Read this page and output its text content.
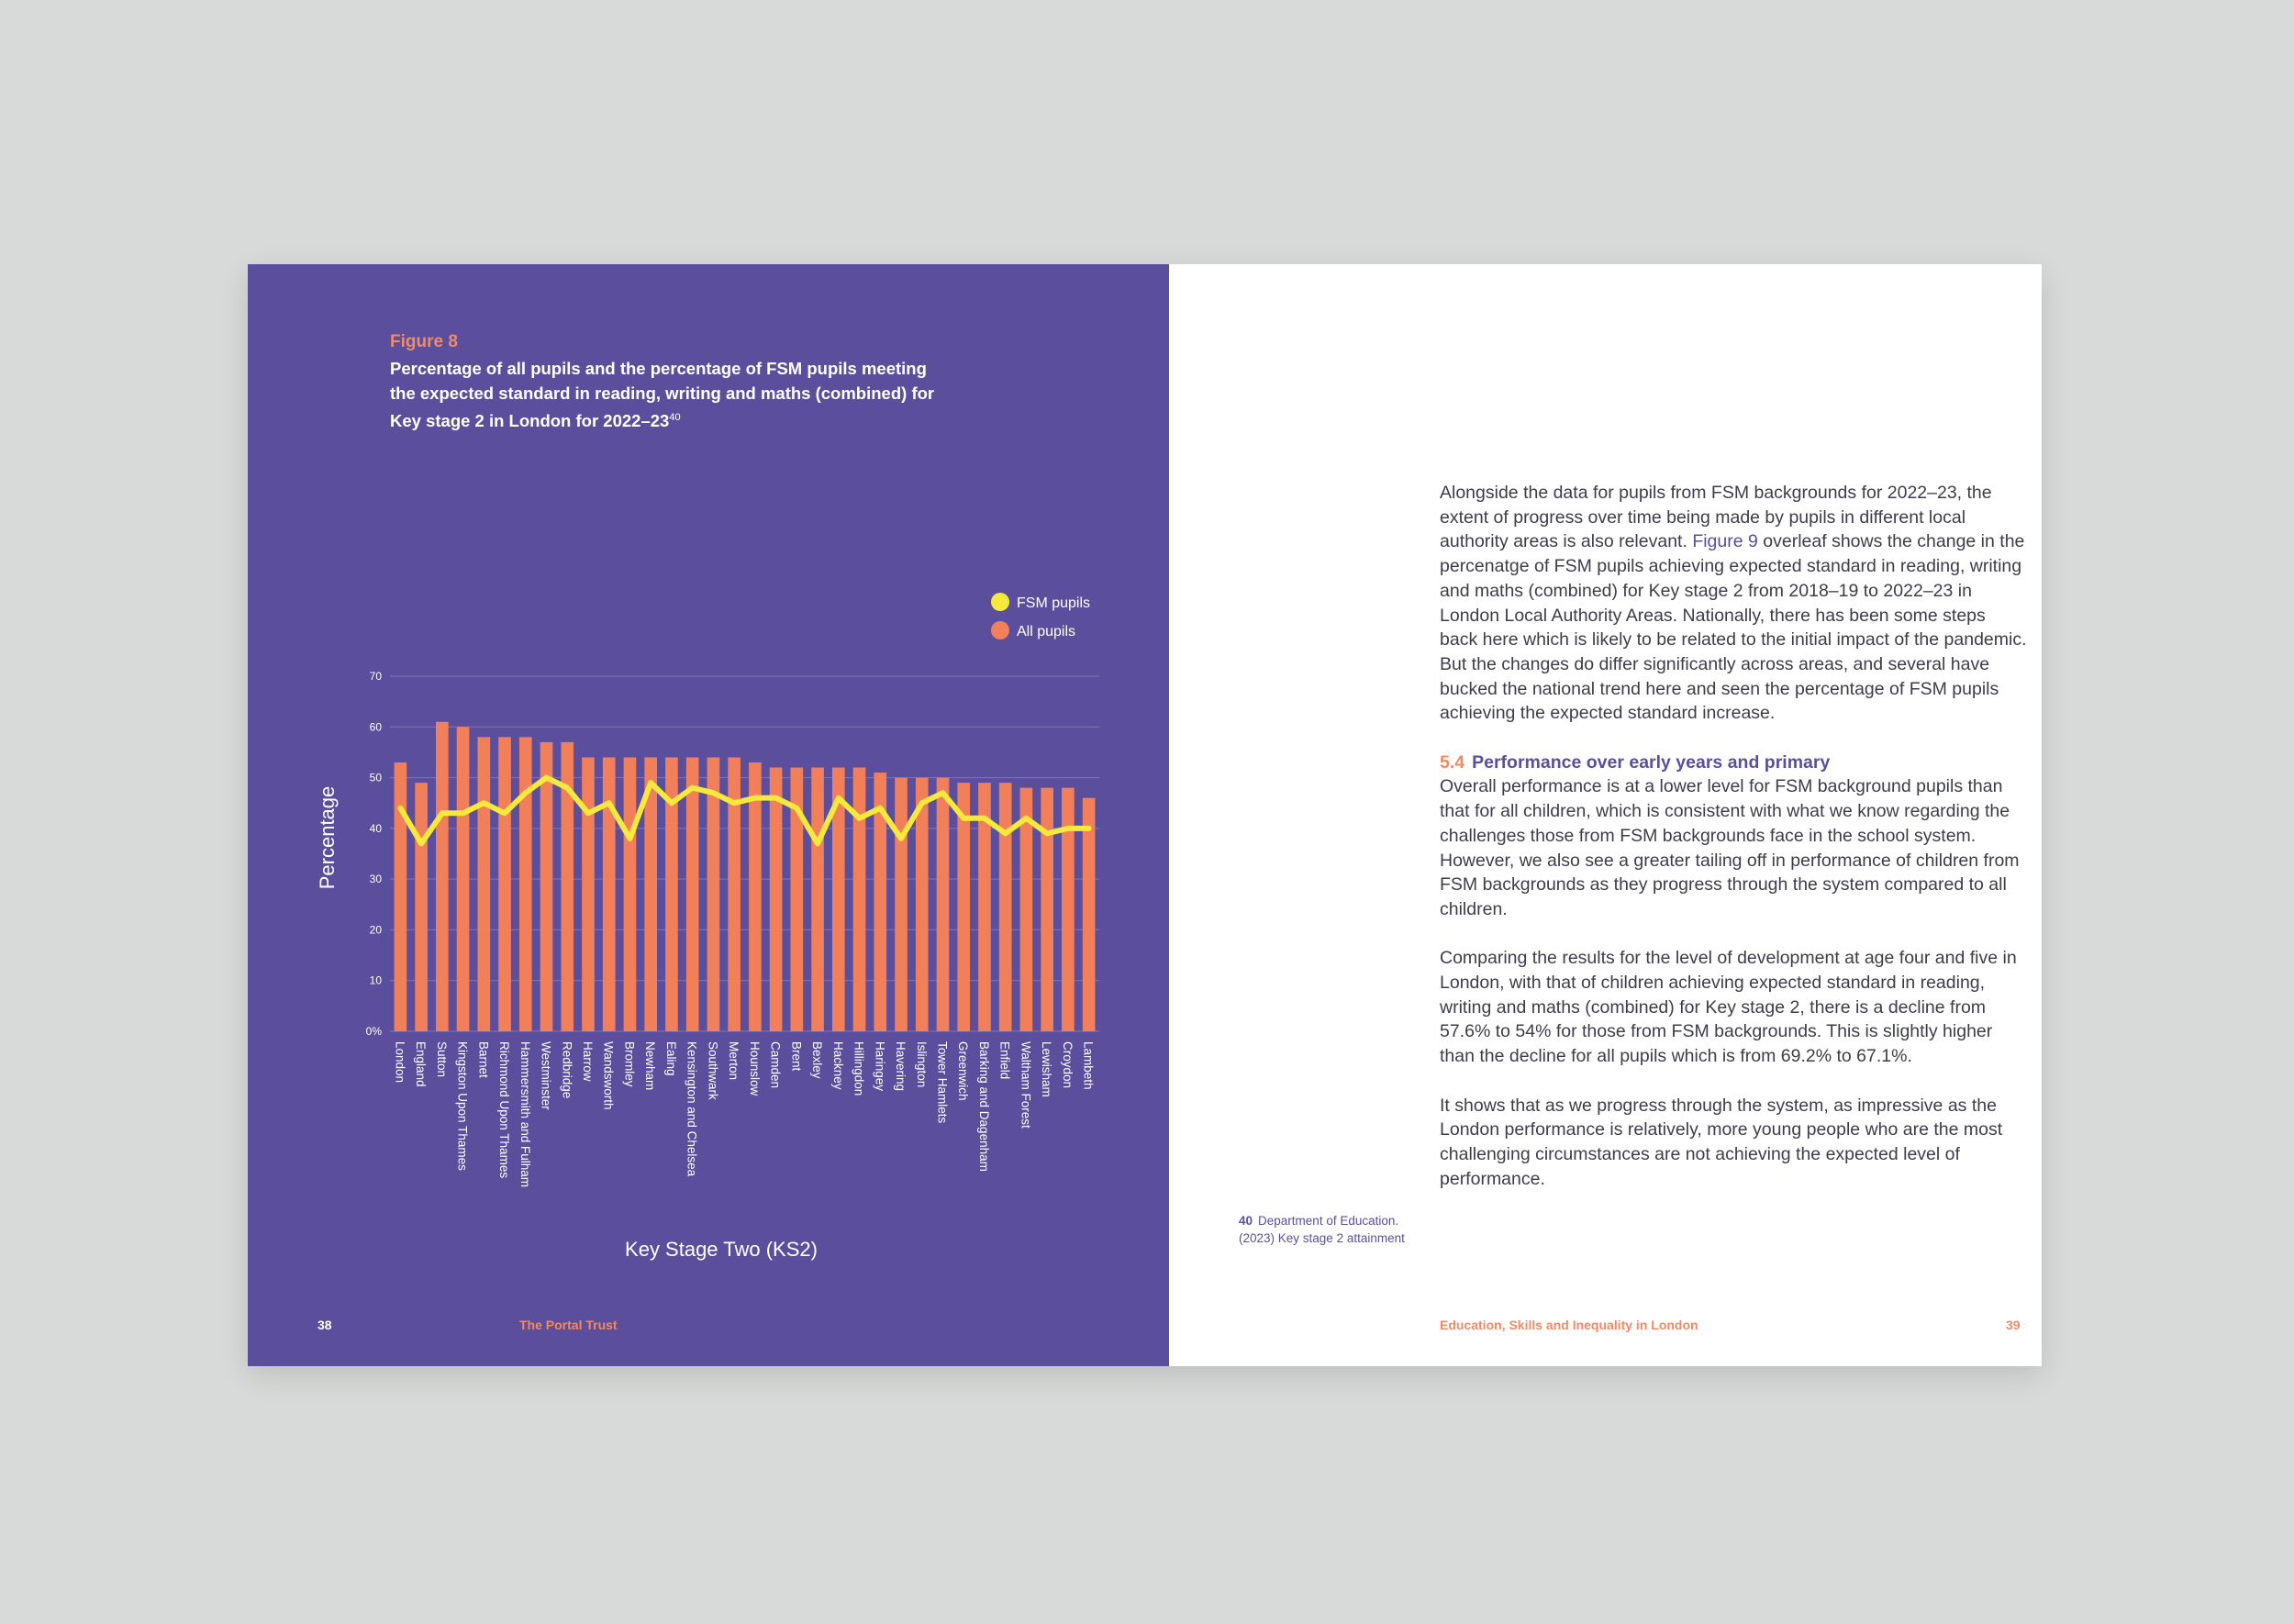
Figure 8
Percentage of all pupils and the percentage of FSM pupils meeting the expected standard in reading, writing and maths (combined) for Key stage 2 in London for $2022-23^{40}$
0%
10
20
30
40
50
60
70
London England Sutton Kingston Upon Thames Barnet Richmond Upon Thames Hammersmith and Fulham Westminster Redbridge Harrow Wandsworth Bromley Newham Ealing Kensington and Chelsea Southwark Merton Hounslow Camden Brent Bexley Hackney Hillingdon Haringey Havering Islington Tower Hamlets Greenwich Barking and Dagenham Enfield Waltham Forest Lewisham Croydon Lambeth
FSM pupils
All pupils
Percentage
Key Stage Two (KS2)
38	The Portal Trust

Alongside the data for pupils from FSM backgrounds for 2022–23, the extent of progress over time being made by pupils in different local authority areas is also relevant. Figure 9 overleaf shows the change in the percenatge of FSM pupils achieving expected standard in reading, writing and maths (combined) for Key stage 2 from 2018–19 to 2022–23 in London Local Authority Areas. Nationally, there has been some steps back here which is likely to be related to the initial impact of the pandemic. But the changes do differ significantly across areas, and several have bucked the national trend here and seen the percentage of FSM pupils achieving the expected standard increase.

5.4 Performance over early years and primary

Overall performance is at a lower level for FSM background pupils than that for all children, which is consistent with what we know regarding the challenges those from FSM backgrounds face in the school system. However, we also see a greater tailing off in performance of children from FSM backgrounds as they progress through the system compared to all children.

Comparing the results for the level of development at age four and five in London, with that of children achieving expected standard in reading, writing and maths (combined) for Key stage 2, there is a decline from 57.6% to 54% for those from FSM backgrounds. This is slightly higher than the decline for all pupils which is from 69.2% to 67.1%.

It shows that as we progress through the system, as impressive as the London performance is relatively, more young people who are the most challenging circumstances are not achieving the expected level of performance.

40 Department of Education. (2023) Key stage 2 attainment
Education, Skills and Inequality in London	39
